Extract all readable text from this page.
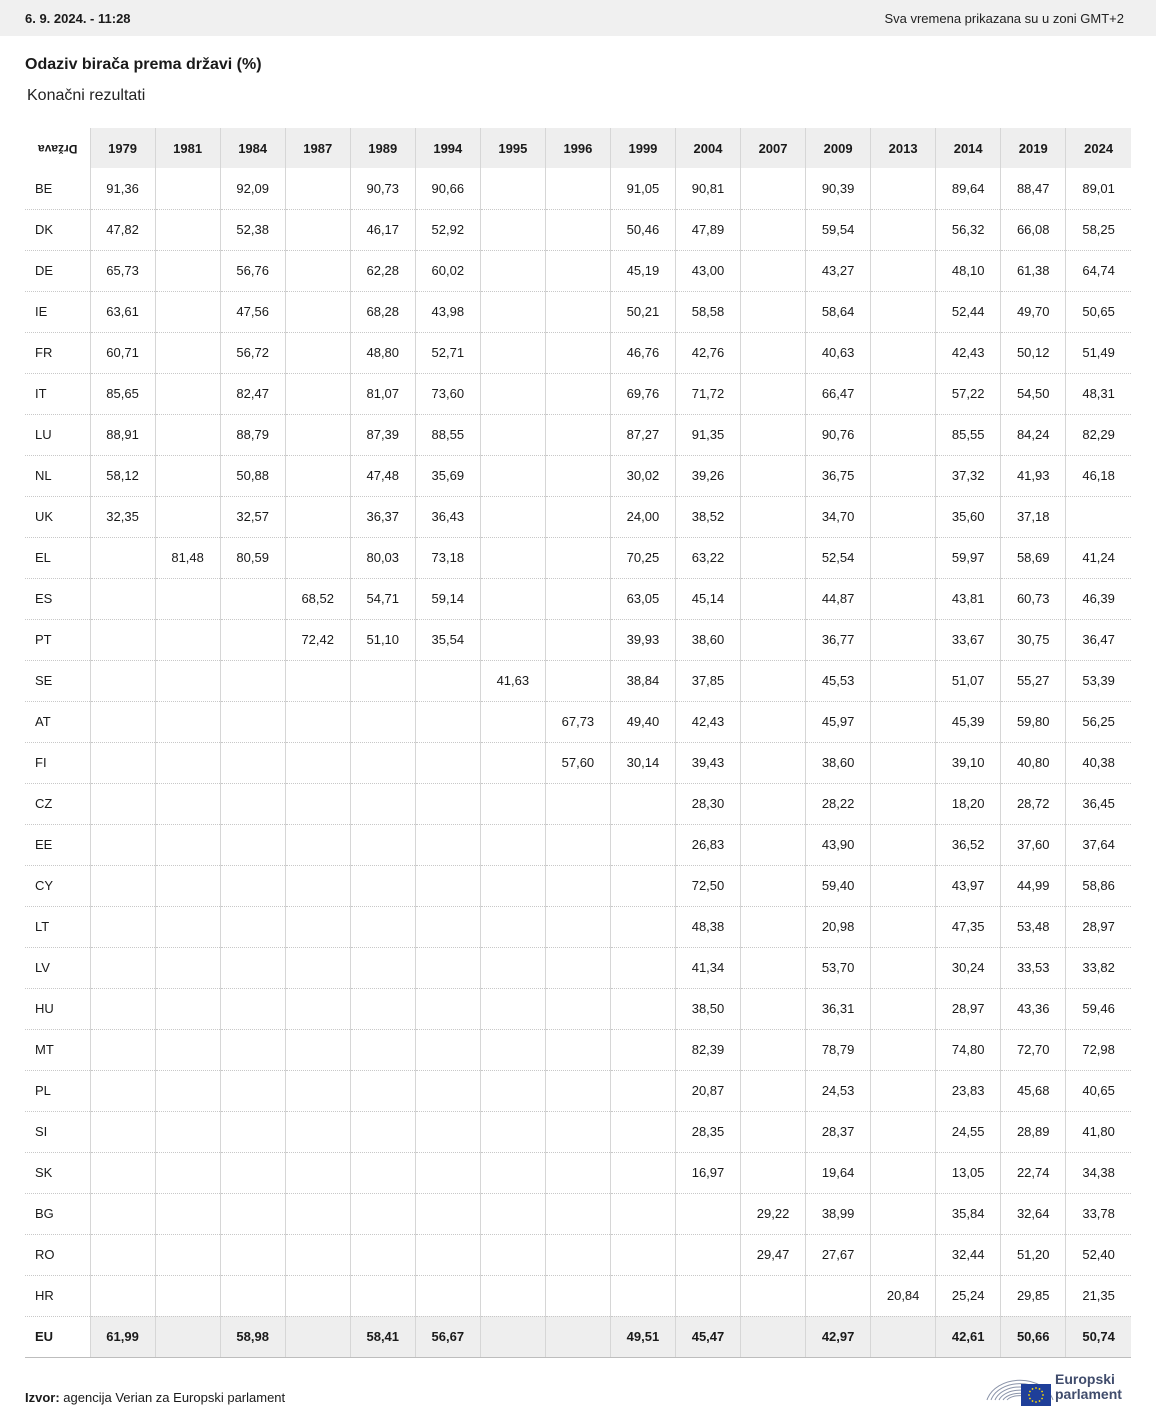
6. 9. 2024. - 11:28	Sva vremena prikazana su u zoni GMT+2
Odaziv birača prema državi (%)
Konačni rezultati
Država	1979	1981	1984	1987	1989	1994	1995	1996	1999	2004	2007	2009	2013	2014	2019	2024
BE	91,36		92,09		90,73	90,66			91,05	90,81		90,39		89,64	88,47	89,01
DK	47,82		52,38		46,17	52,92			50,46	47,89		59,54		56,32	66,08	58,25
DE	65,73		56,76		62,28	60,02			45,19	43,00		43,27		48,10	61,38	64,74
IE	63,61		47,56		68,28	43,98			50,21	58,58		58,64		52,44	49,70	50,65
FR	60,71		56,72		48,80	52,71			46,76	42,76		40,63		42,43	50,12	51,49
IT	85,65		82,47		81,07	73,60			69,76	71,72		66,47		57,22	54,50	48,31
LU	88,91		88,79		87,39	88,55			87,27	91,35		90,76		85,55	84,24	82,29
NL	58,12		50,88		47,48	35,69			30,02	39,26		36,75		37,32	41,93	46,18
UK	32,35		32,57		36,37	36,43			24,00	38,52		34,70		35,60	37,18	
EL		81,48	80,59		80,03	73,18			70,25	63,22		52,54		59,97	58,69	41,24
ES				68,52	54,71	59,14			63,05	45,14		44,87		43,81	60,73	46,39
PT				72,42	51,10	35,54			39,93	38,60		36,77		33,67	30,75	36,47
SE							41,63		38,84	37,85		45,53		51,07	55,27	53,39
AT								67,73	49,40	42,43		45,97		45,39	59,80	56,25
FI								57,60	30,14	39,43		38,60		39,10	40,80	40,38
CZ										28,30		28,22		18,20	28,72	36,45
EE										26,83		43,90		36,52	37,60	37,64
CY										72,50		59,40		43,97	44,99	58,86
LT										48,38		20,98		47,35	53,48	28,97
LV										41,34		53,70		30,24	33,53	33,82
HU										38,50		36,31		28,97	43,36	59,46
MT										82,39		78,79		74,80	72,70	72,98
PL										20,87		24,53		23,83	45,68	40,65
SI										28,35		28,37		24,55	28,89	41,80
SK										16,97		19,64		13,05	22,74	34,38
BG											29,22	38,99		35,84	32,64	33,78
RO											29,47	27,67		32,44	51,20	52,40
HR													20,84	25,24	29,85	21,35
EU	61,99		58,98		58,41	56,67			49,51	45,47		42,97		42,61	50,66	50,74
Izvor: agencija Verian za Europski parlament
Europski
parlament
